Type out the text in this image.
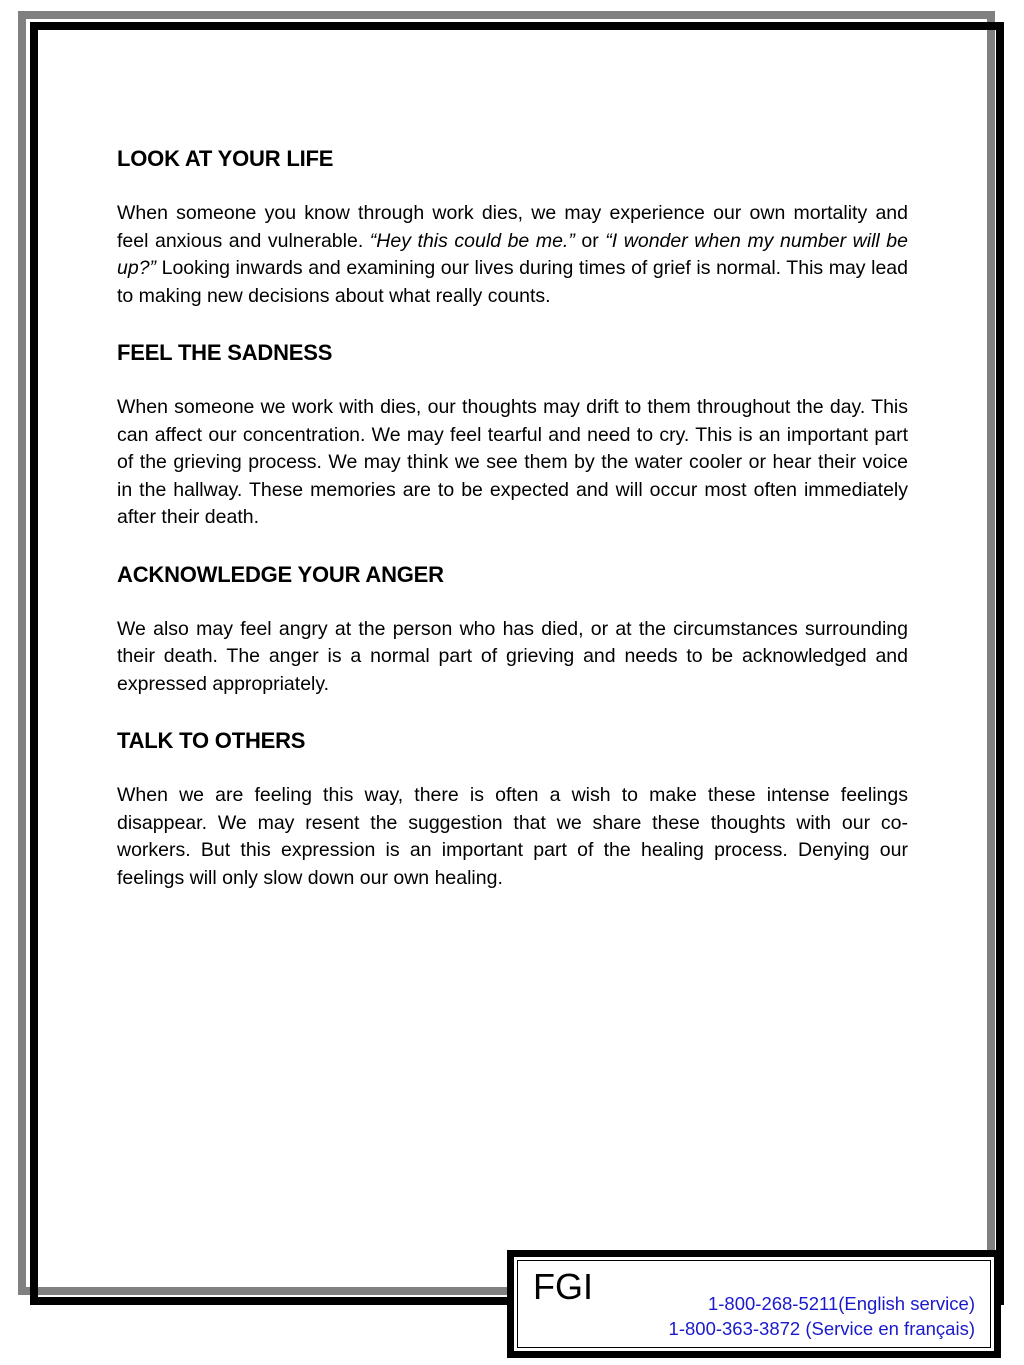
LOOK AT YOUR LIFE

When someone you know through work dies, we may experience our own mortality and feel anxious and vulnerable. “Hey this could be me.” or “I wonder when my number will be up?” Looking inwards and examining our lives during times of grief is normal. This may lead to making new decisions about what really counts.

FEEL THE SADNESS

When someone we work with dies, our thoughts may drift to them throughout the day. This can affect our concentration. We may feel tearful and need to cry. This is an important part of the grieving process. We may think we see them by the water cooler or hear their voice in the hallway. These memories are to be expected and will occur most often immediately after their death.

ACKNOWLEDGE YOUR ANGER

We also may feel angry at the person who has died, or at the circumstances surrounding their death. The anger is a normal part of grieving and needs to be acknowledged and expressed appropriately.

TALK TO OTHERS

When we are feeling this way, there is often a wish to make these intense feelings disappear. We may resent the suggestion that we share these thoughts with our co-workers. But this expression is an important part of the healing process. Denying our feelings will only slow down our own healing.

FGI	1-800-268-5211(English service)
1-800-363-3872 (Service en français)
